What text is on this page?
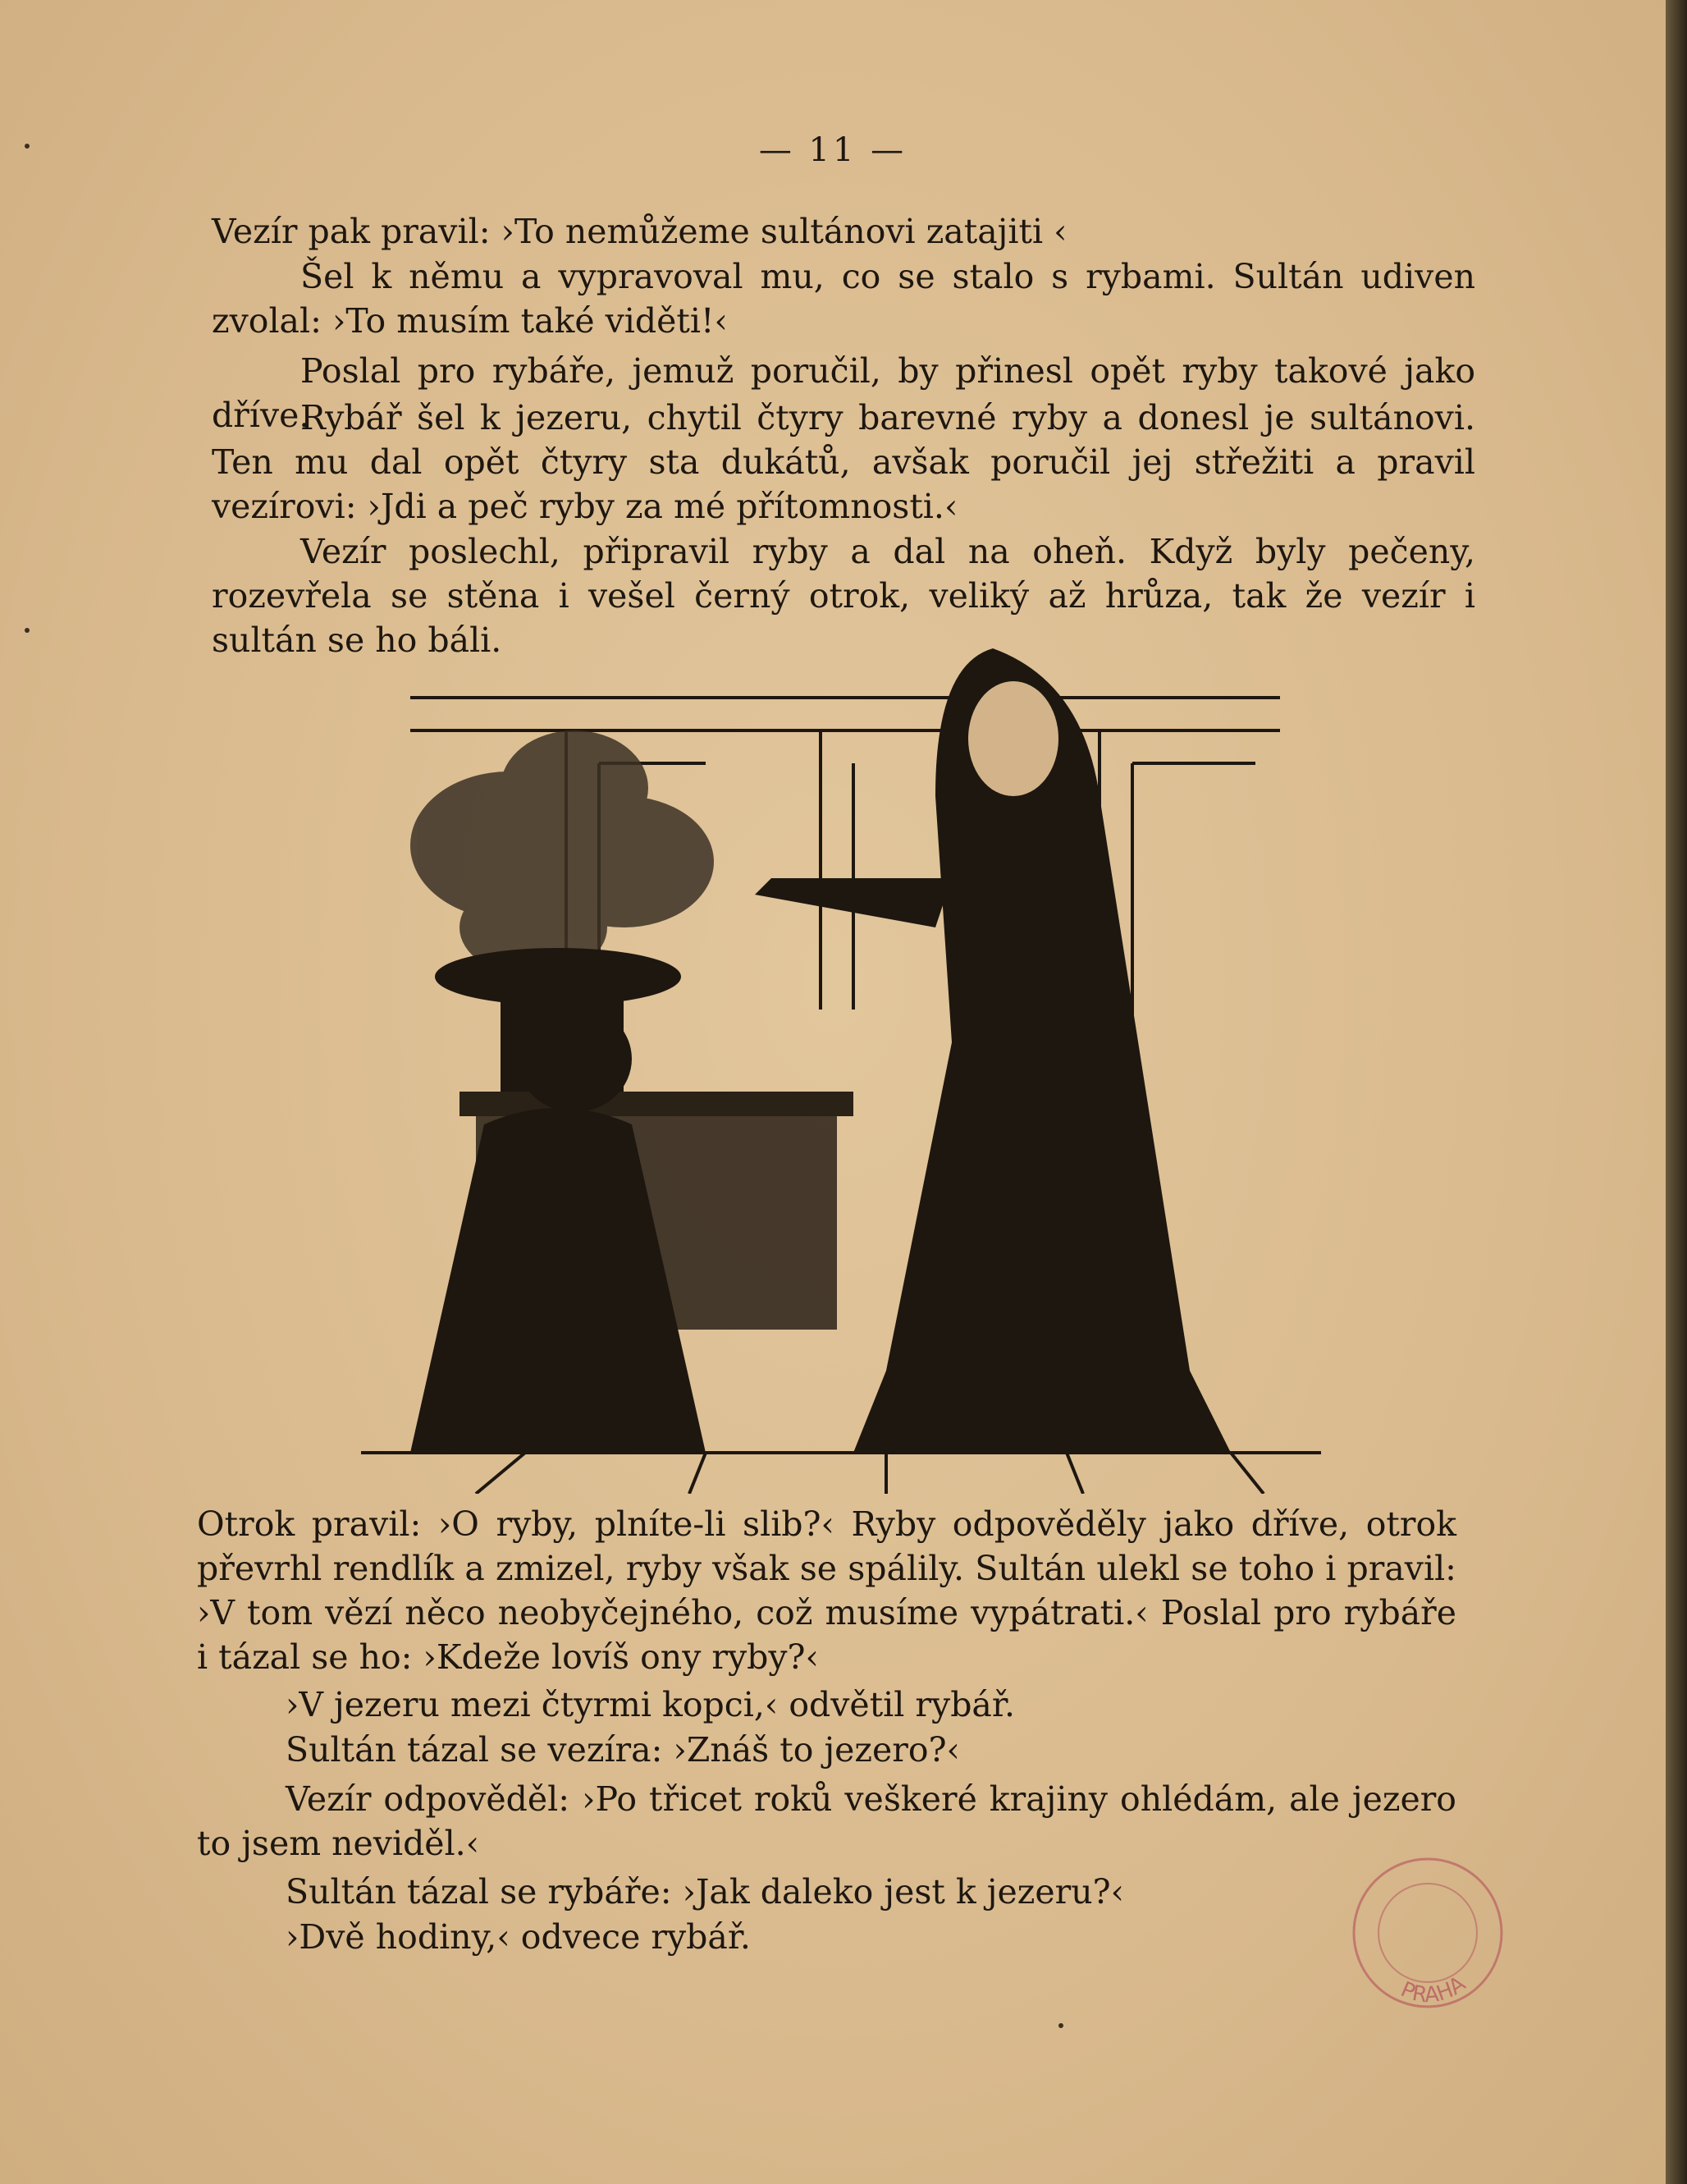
— 11 —

Vezír pak pravil: ›To nemůžeme sultánovi zatajiti ‹

Šel k němu a vypravoval mu, co se stalo s rybami. Sultán udiven zvolal: ›To musím také viděti!‹

Poslal pro rybáře, jemuž poručil, by přinesl opět ryby takové jako dříve.

Rybář šel k jezeru, chytil čtyry barevné ryby a donesl je sultánovi. Ten mu dal opět čtyry sta dukátů, avšak poručil jej střežiti a pravil vezírovi: ›Jdi a peč ryby za mé přítomnosti.‹

Vezír poslechl, připravil ryby a dal na oheň. Když byly pečeny, rozevřela se stěna i vešel černý otrok, veliký až hrůza, tak že vezír i sultán se ho báli.

Otrok pravil: ›O ryby, plníte-li slib?‹ Ryby odpověděly jako dříve, otrok převrhl rendlík a zmizel, ryby však se spálily. Sultán ulekl se toho i pravil: ›V tom vězí něco neobyčejného, což musíme vypátrati.‹ Poslal pro rybáře i tázal se ho: ›Kdeže lovíš ony ryby?‹

›V jezeru mezi čtyrmi kopci,‹ odvětil rybář.

Sultán tázal se vezíra: ›Znáš to jezero?‹

Vezír odpověděl: ›Po třicet roků veškeré krajiny ohlédám, ale jezero to jsem neviděl.‹

Sultán tázal se rybáře: ›Jak daleko jest k jezeru?‹

›Dvě hodiny,‹ odvece rybář.

PRAHA
